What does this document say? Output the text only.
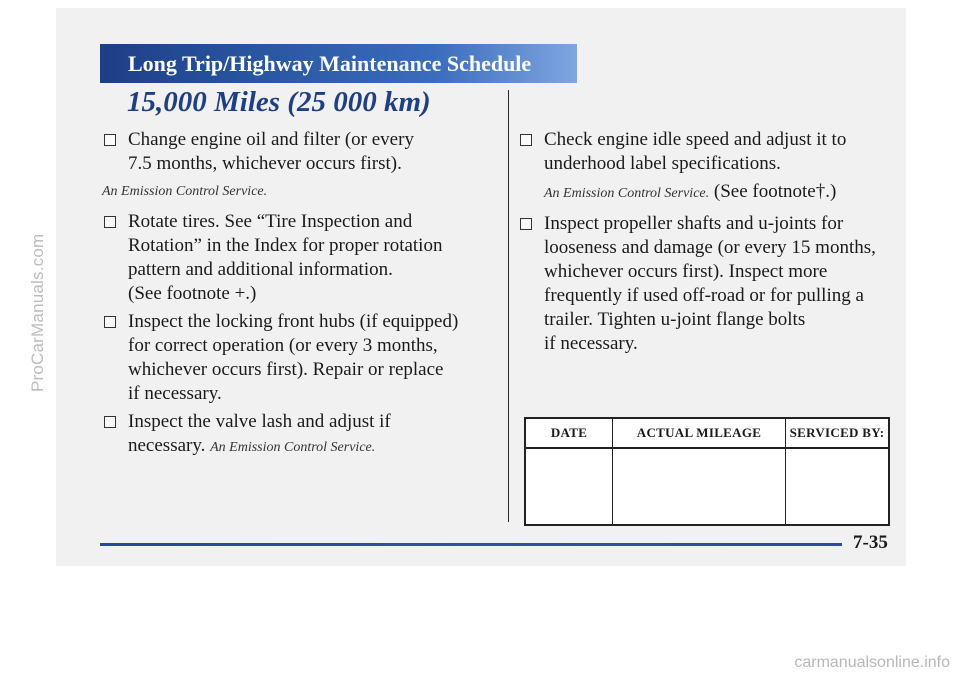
ProCarManuals.com
Long Trip/Highway Maintenance Schedule
15,000 Miles (25 000 km)
Change engine oil and filter (or every
7.5 months, whichever occurs first).
An Emission Control Service.
Rotate tires. See “Tire Inspection and
Rotation” in the Index for proper rotation
pattern and additional information.
(See footnote +.)
Inspect the locking front hubs (if equipped)
for correct operation (or every 3 months,
whichever occurs first). Repair or replace
if necessary.
Inspect the valve lash and adjust if
necessary. An Emission Control Service.
Check engine idle speed and adjust it to
underhood label specifications.
An Emission Control Service. (See footnote†.)
Inspect propeller shafts and u-joints for
looseness and damage (or every 15 months,
whichever occurs first). Inspect more
frequently if used off-road or for pulling a
trailer. Tighten u-joint flange bolts
if necessary.
DATE	ACTUAL MILEAGE	SERVICED BY:

7-35
carmanualsonline.info
